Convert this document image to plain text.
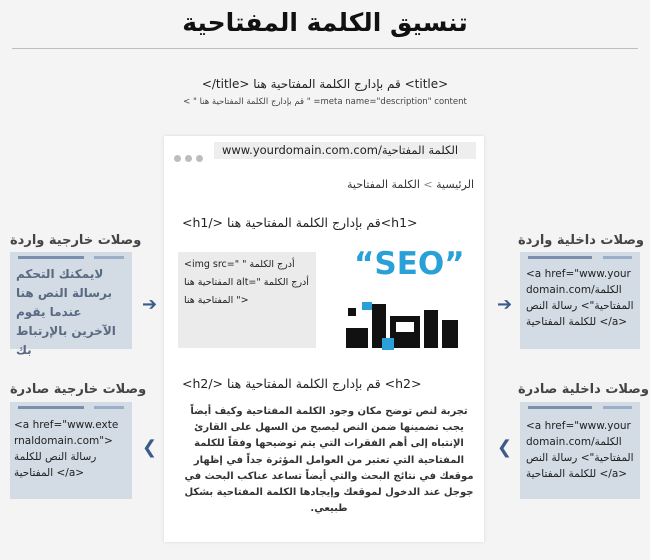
تنسيق الكلمة المفتاحية
</title> قم بإدارج الكلمة المفتاحية هنا <title>
< " قم بإدارج الكلمة المفتاحية هنا " =meta name="description" content
www.yourdomain.com.com/الكلمة المفتاحية
الرئيسية > الكلمة المفتاحية
<h1/> قم بإدارج الكلمة المفتاحية هنا<h1>
<img src=" أدرج الكلمة " المفتاحية هنا alt=" أدرج الكلمة المفتاحية هنا ">
“SEO”
<h2/> قم بإدارج الكلمة المفتاحية هنا <h2>
تجربة لنص توضح مكان وجود الكلمة المفتاحية وكيف أيضاً يجب تضمينها ضمن النص ليصبح من السهل على القارئ الإنتباه إلى أهم الفقرات التي يتم توضيحها وفقاً للكلمة المفتاحية التي تعتبر من العوامل المؤثرة جداً في إظهار موقعك في نتائج البحث والتي أيضاً تساعد عناكب البحث في جوجل عند الدخول لموقعك وإيجادها الكلمة المفتاحية بشكل طبيعي.
وصلات خارجية واردة	وصلات داخلية واردة
وصلات خارجية صادرة	وصلات داخلية صادرة
لايمكنك التحكم برسالة النص هنا عندما يقوم الآخرين بالإرتباط بك
<a href="www.your domain.com/الكلمة المفتاحية"> رسالة النص للكلمة المفتاحية </a>
<a href="www.exte rnaldomain.com"> رسالة النص للكلمة المفتاحية </a>
<a href="www.your domain.com/الكلمة المفتاحية"> رسالة النص للكلمة المفتاحية </a>
➔	➔
❮	❮
